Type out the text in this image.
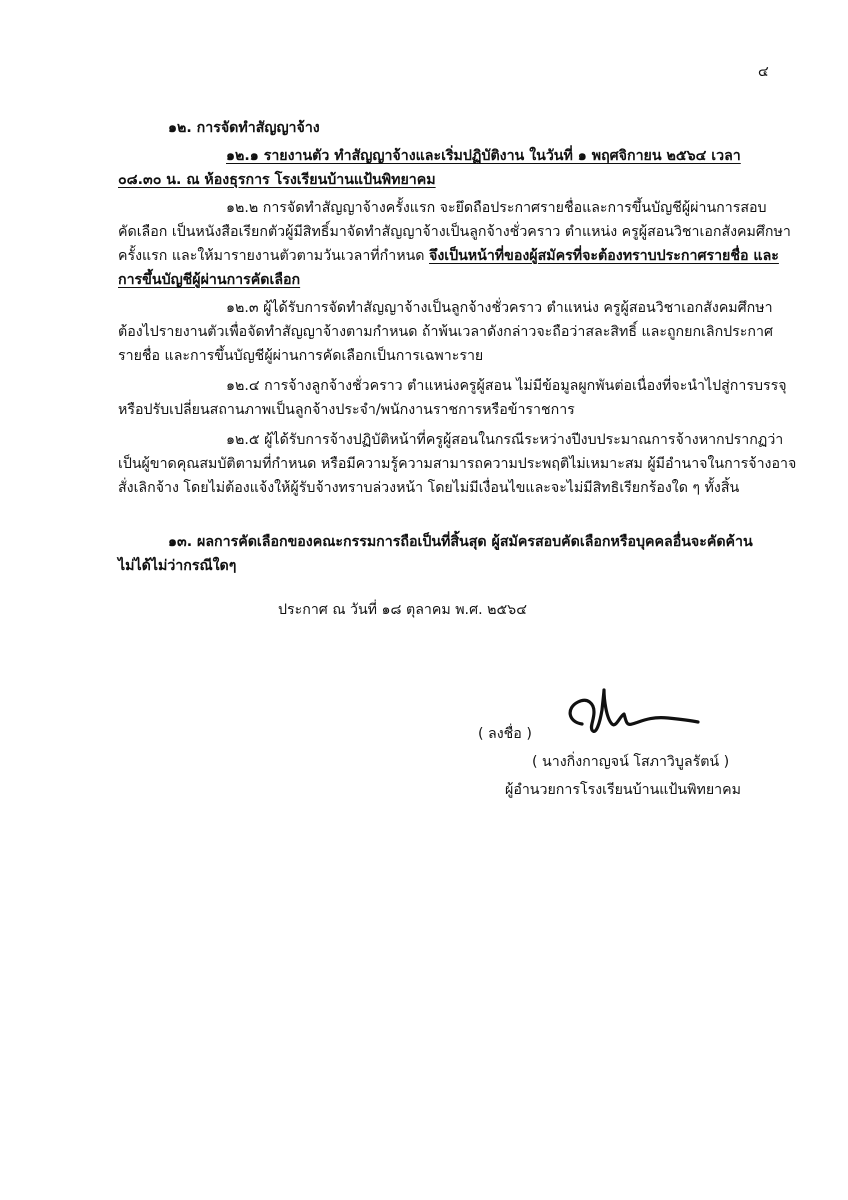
๔
๑๒. การจัดทำสัญญาจ้าง
๑๒.๑ รายงานตัว ทำสัญญาจ้างและเริ่มปฏิบัติงาน ในวันที่ ๑ พฤศจิกายน ๒๕๖๔ เวลา
๐๘.๓๐ น. ณ ห้องธุรการ โรงเรียนบ้านแป้นพิทยาคม
๑๒.๒ การจัดทำสัญญาจ้างครั้งแรก จะยึดถือประกาศรายชื่อและการขึ้นบัญชีผู้ผ่านการสอบ
คัดเลือก เป็นหนังสือเรียกตัวผู้มีสิทธิ์มาจัดทำสัญญาจ้างเป็นลูกจ้างชั่วคราว ตำแหน่ง ครูผู้สอนวิชาเอกสังคมศึกษา
ครั้งแรก และให้มารายงานตัวตามวันเวลาที่กำหนด จึงเป็นหน้าที่ของผู้สมัครที่จะต้องทราบประกาศรายชื่อ และ
การขึ้นบัญชีผู้ผ่านการคัดเลือก
๑๒.๓ ผู้ได้รับการจัดทำสัญญาจ้างเป็นลูกจ้างชั่วคราว ตำแหน่ง ครูผู้สอนวิชาเอกสังคมศึกษา
ต้องไปรายงานตัวเพื่อจัดทำสัญญาจ้างตามกำหนด ถ้าพ้นเวลาดังกล่าวจะถือว่าสละสิทธิ์ และถูกยกเลิกประกาศ
รายชื่อ และการขึ้นบัญชีผู้ผ่านการคัดเลือกเป็นการเฉพาะราย
๑๒.๔ การจ้างลูกจ้างชั่วคราว ตำแหน่งครูผู้สอน ไม่มีข้อมูลผูกพันต่อเนื่องที่จะนำไปสู่การบรรจุ
หรือปรับเปลี่ยนสถานภาพเป็นลูกจ้างประจำ/พนักงานราชการหรือข้าราชการ
๑๒.๕ ผู้ได้รับการจ้างปฏิบัติหน้าที่ครูผู้สอนในกรณีระหว่างปีงบประมาณการจ้างหากปรากฏว่า
เป็นผู้ขาดคุณสมบัติตามที่กำหนด หรือมีความรู้ความสามารถความประพฤติไม่เหมาะสม ผู้มีอำนาจในการจ้างอาจ
สั่งเลิกจ้าง โดยไม่ต้องแจ้งให้ผู้รับจ้างทราบล่วงหน้า โดยไม่มีเงื่อนไขและจะไม่มีสิทธิเรียกร้องใด ๆ ทั้งสิ้น
๑๓. ผลการคัดเลือกของคณะกรรมการถือเป็นที่สิ้นสุด ผู้สมัครสอบคัดเลือกหรือบุคคลอื่นจะคัดค้าน
ไม่ได้ไม่ว่ากรณีใดๆ
ประกาศ ณ วันที่ ๑๘ ตุลาคม พ.ศ. ๒๕๖๔
( ลงชื่อ )
( นางกิ่งกาญจน์ โสภาวิบูลรัตน์ )
ผู้อำนวยการโรงเรียนบ้านแป้นพิทยาคม
